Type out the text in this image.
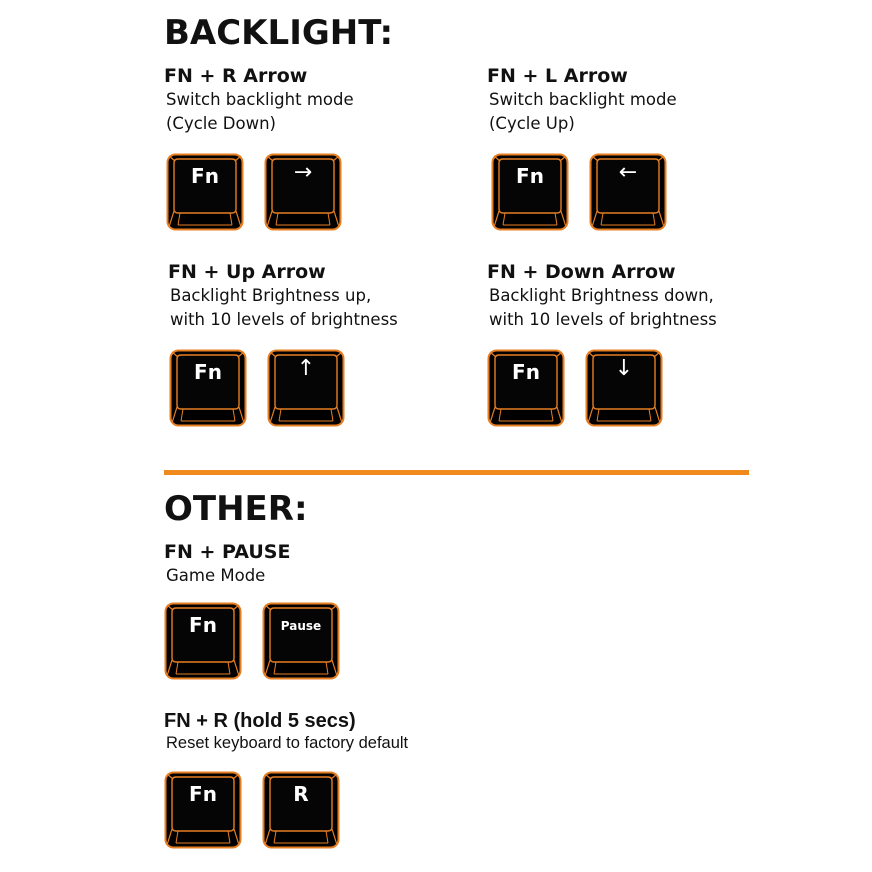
BACKLIGHT:
FN + R Arrow
Switch backlight mode
(Cycle Down)
Fn	→
FN + L Arrow
Switch backlight mode
(Cycle Up)
Fn	←
FN + Up Arrow
Backlight Brightness up,
with 10 levels of brightness
Fn	↑
FN + Down Arrow
Backlight Brightness down,
with 10 levels of brightness
Fn	↓
OTHER:
FN + PAUSE
Game Mode
Fn	Pause
FN + R (hold 5 secs)
Reset keyboard to factory default
Fn	R
